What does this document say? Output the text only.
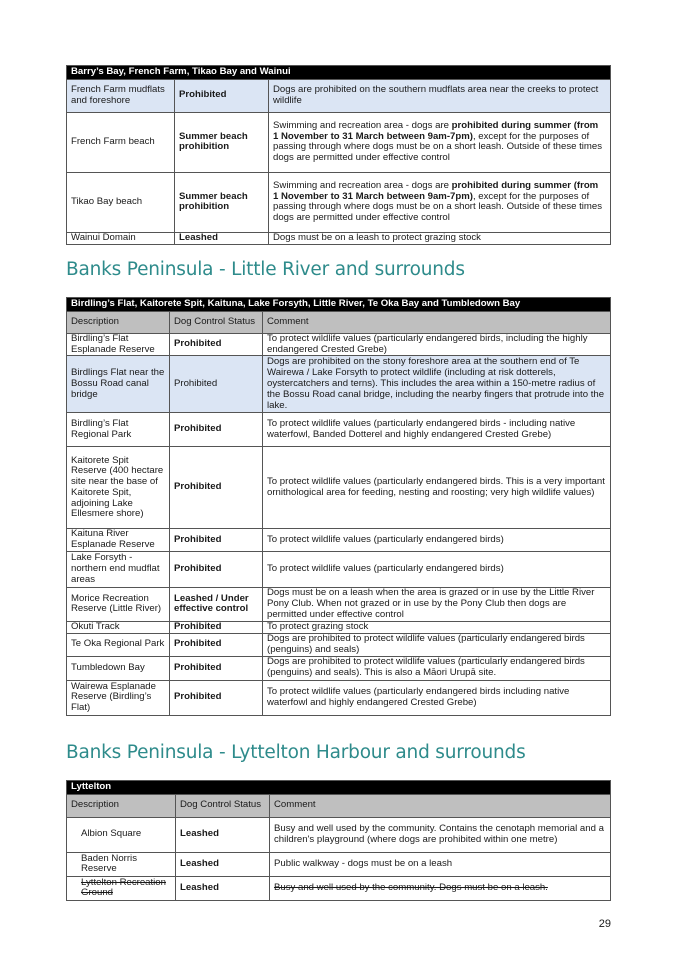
Barry’s Bay, French Farm, Tikao Bay and Wainui		
French Farm mudflats and foreshore	Prohibited	Dogs are prohibited on the southern mudflats area near the creeks to protect wildlife
French Farm beach	Summer beach prohibition	Swimming and recreation area - dogs are prohibited during summer (from 1 November to 31 March between 9am-7pm), except for the purposes of passing through where dogs must be on a short leash. Outside of these times dogs are permitted under effective control
Tikao Bay beach	Summer beach prohibition	Swimming and recreation area - dogs are prohibited during summer (from 1 November to 31 March between 9am-7pm), except for the purposes of passing through where dogs must be on a short leash. Outside of these times dogs are permitted under effective control
Wainui Domain	Leashed	Dogs must be on a leash to protect grazing stock
Banks Peninsula - Little River and surrounds
Birdling’s Flat, Kaitorete Spit, Kaituna, Lake Forsyth, Little River, Te Oka Bay and Tumbledown Bay		
Description	Dog Control Status	Comment
Birdling’s Flat Esplanade Reserve	Prohibited	To protect wildlife values (particularly endangered birds, including the highly endangered Crested Grebe)
Birdlings Flat near the Bossu Road canal bridge	Prohibited	Dogs are prohibited on the stony foreshore area at the southern end of Te Wairewa / Lake Forsyth to protect wildlife (including at risk dotterels, oystercatchers and terns). This includes the area within a 150-metre radius of the Bossu Road canal bridge, including the nearby fingers that protrude into the lake.
Birdling’s Flat Regional Park	Prohibited	To protect wildlife values (particularly endangered birds - including native waterfowl, Banded Dotterel and highly endangered Crested Grebe)
Kaitorete Spit Reserve (400 hectare site near the base of Kaitorete Spit, adjoining Lake Ellesmere shore)	Prohibited	To protect wildlife values (particularly endangered birds. This is a very important ornithological area for feeding, nesting and roosting; very high wildlife values)
Kaituna River Esplanade Reserve	Prohibited	To protect wildlife values (particularly endangered birds)
Lake Forsyth - northern end mudflat areas	Prohibited	To protect wildlife values (particularly endangered birds)
Morice Recreation Reserve (Little River)	Leashed / Under effective control	Dogs must be on a leash when the area is grazed or in use by the Little River Pony Club. When not grazed or in use by the Pony Club then dogs are permitted under effective control
Okuti Track	Prohibited	To protect grazing stock
Te Oka Regional Park	Prohibited	Dogs are prohibited to protect wildlife values (particularly endangered birds (penguins) and seals)
Tumbledown Bay	Prohibited	Dogs are prohibited to protect wildlife values (particularly endangered birds (penguins) and seals). This is also a Māori Urupā site.
Wairewa Esplanade Reserve (Birdling’s Flat)	Prohibited	To protect wildlife values (particularly endangered birds including native waterfowl and highly endangered Crested Grebe)
Banks Peninsula - Lyttelton Harbour and surrounds
Lyttelton		
Description	Dog Control Status	Comment
Albion Square	Leashed	Busy and well used by the community. Contains the cenotaph memorial and a children's playground (where dogs are prohibited within one metre)
Baden Norris Reserve	Leashed	Public walkway - dogs must be on a leash
Lyttelton Recreation Ground	Leashed	Busy and well used by the community. Dogs must be on a leash.
29
